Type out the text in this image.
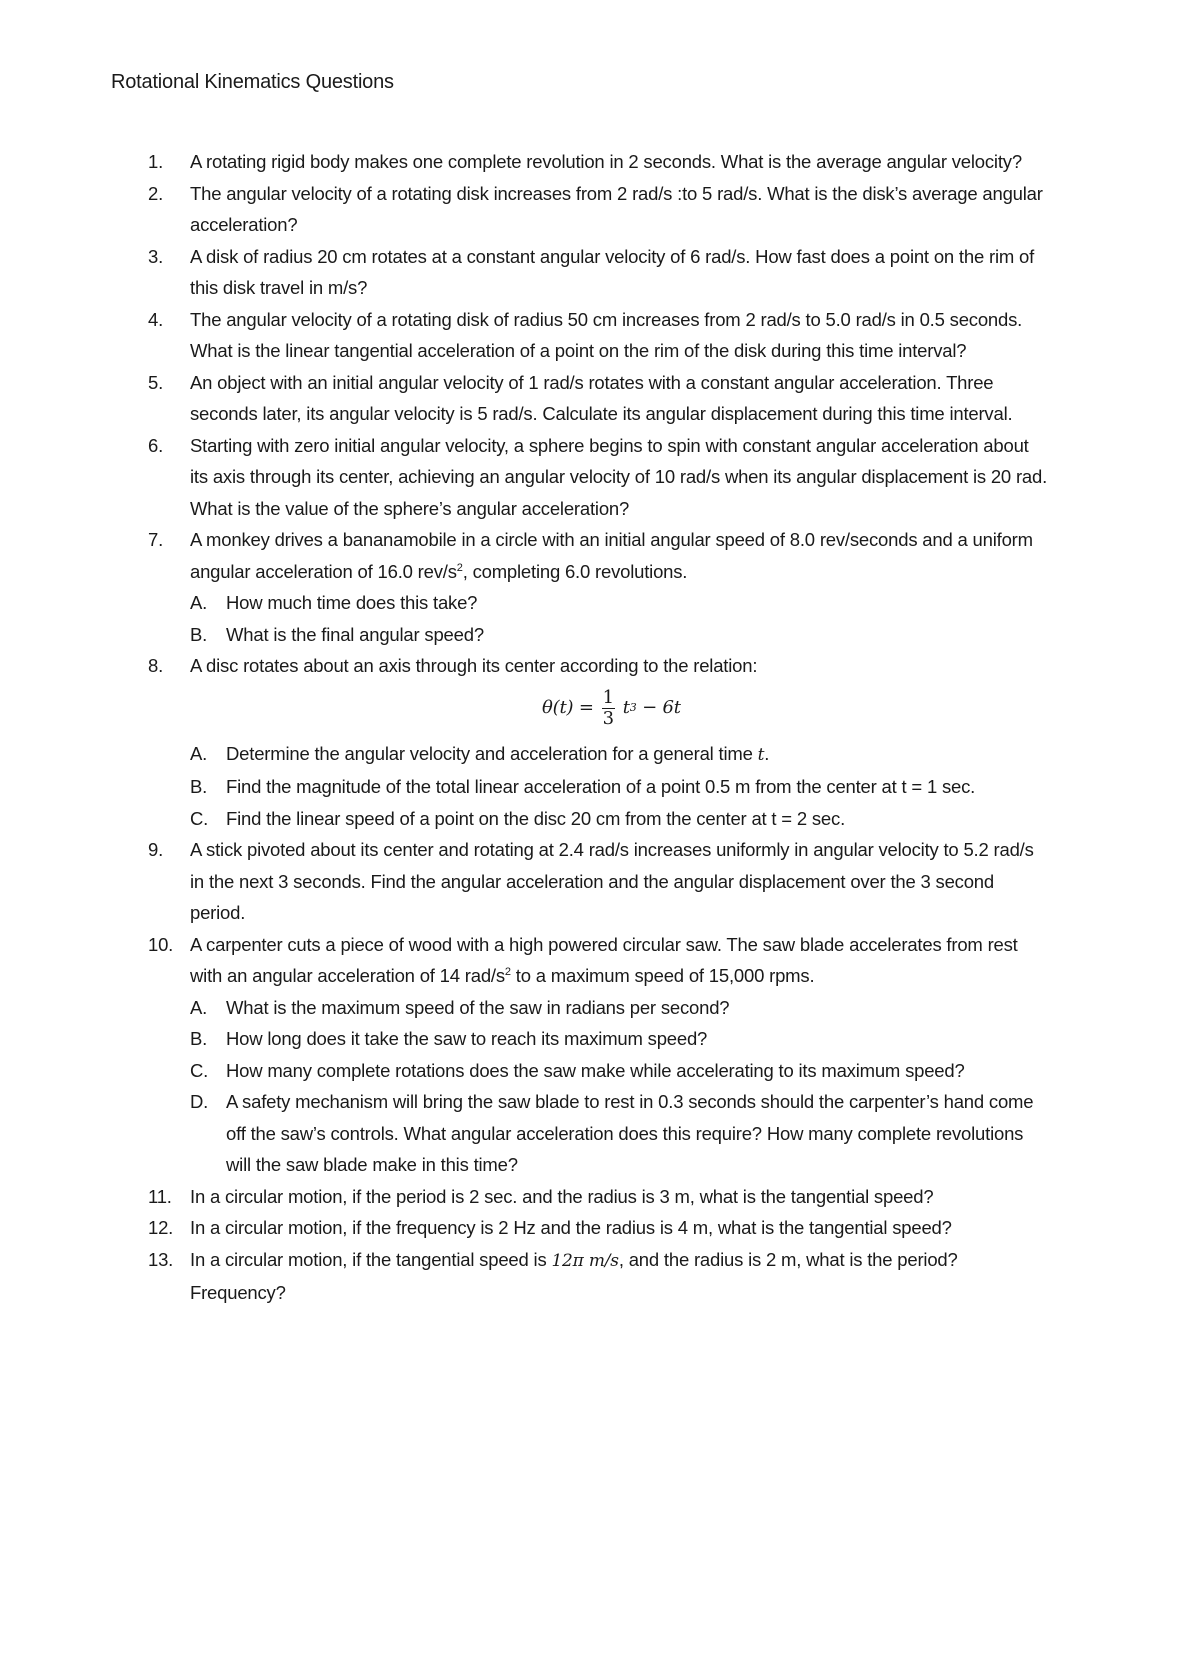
Rotational Kinematics Questions
1. A rotating rigid body makes one complete revolution in 2 seconds. What is the average angular velocity?
2. The angular velocity of a rotating disk increases from 2 rad/s :to 5 rad/s. What is the disk’s average angular acceleration?
3. A disk of radius 20 cm rotates at a constant angular velocity of 6 rad/s. How fast does a point on the rim of this disk travel in m/s?
4. The angular velocity of a rotating disk of radius 50 cm increases from 2 rad/s to 5.0 rad/s in 0.5 seconds. What is the linear tangential acceleration of a point on the rim of the disk during this time interval?
5. An object with an initial angular velocity of 1 rad/s rotates with a constant angular acceleration. Three seconds later, its angular velocity is 5 rad/s. Calculate its angular displacement during this time interval.
6. Starting with zero initial angular velocity, a sphere begins to spin with constant angular acceleration about its axis through its center, achieving an angular velocity of 10 rad/s when its angular displacement is 20 rad. What is the value of the sphere’s angular acceleration?
7. A monkey drives a bananamobile in a circle with an initial angular speed of 8.0 rev/seconds and a uniform angular acceleration of 16.0 rev/$s^2$, completing 6.0 revolutions.
A. How much time does this take?
B. What is the final angular speed?
8. A disc rotates about an axis through its center according to the relation:
$\theta(t) = \frac{1}{3}$ t 3 − 6t
A. Determine the angular velocity and acceleration for a general time t.
B. Find the magnitude of the total linear acceleration of a point 0.5 m from the center at t = 1 sec.
C. Find the linear speed of a point on the disc 20 cm from the center at t = 2 sec.
9. A stick pivoted about its center and rotating at 2.4 rad/s increases uniformly in angular velocity to 5.2 rad/s in the next 3 seconds. Find the angular acceleration and the angular displacement over the 3 second period.
10. A carpenter cuts a piece of wood with a high powered circular saw. The saw blade accelerates from rest with an angular acceleration of 14 rad/$s^2$ to a maximum speed of 15,000 rpms.
A. What is the maximum speed of the saw in radians per second?
B. How long does it take the saw to reach its maximum speed?
C. How many complete rotations does the saw make while accelerating to its maximum speed?
D. A safety mechanism will bring the saw blade to rest in 0.3 seconds should the carpenter’s hand come off the saw’s controls. What angular acceleration does this require? How many complete revolutions will the saw blade make in this time?
11. In a circular motion, if the period is 2 sec. and the radius is 3 m, what is the tangential speed?
12. In a circular motion, if the frequency is 2 Hz and the radius is 4 m, what is the tangential speed?
13. In a circular motion, if the tangential speed is 12π m/s, and the radius is 2 m, what is the period? Frequency?
